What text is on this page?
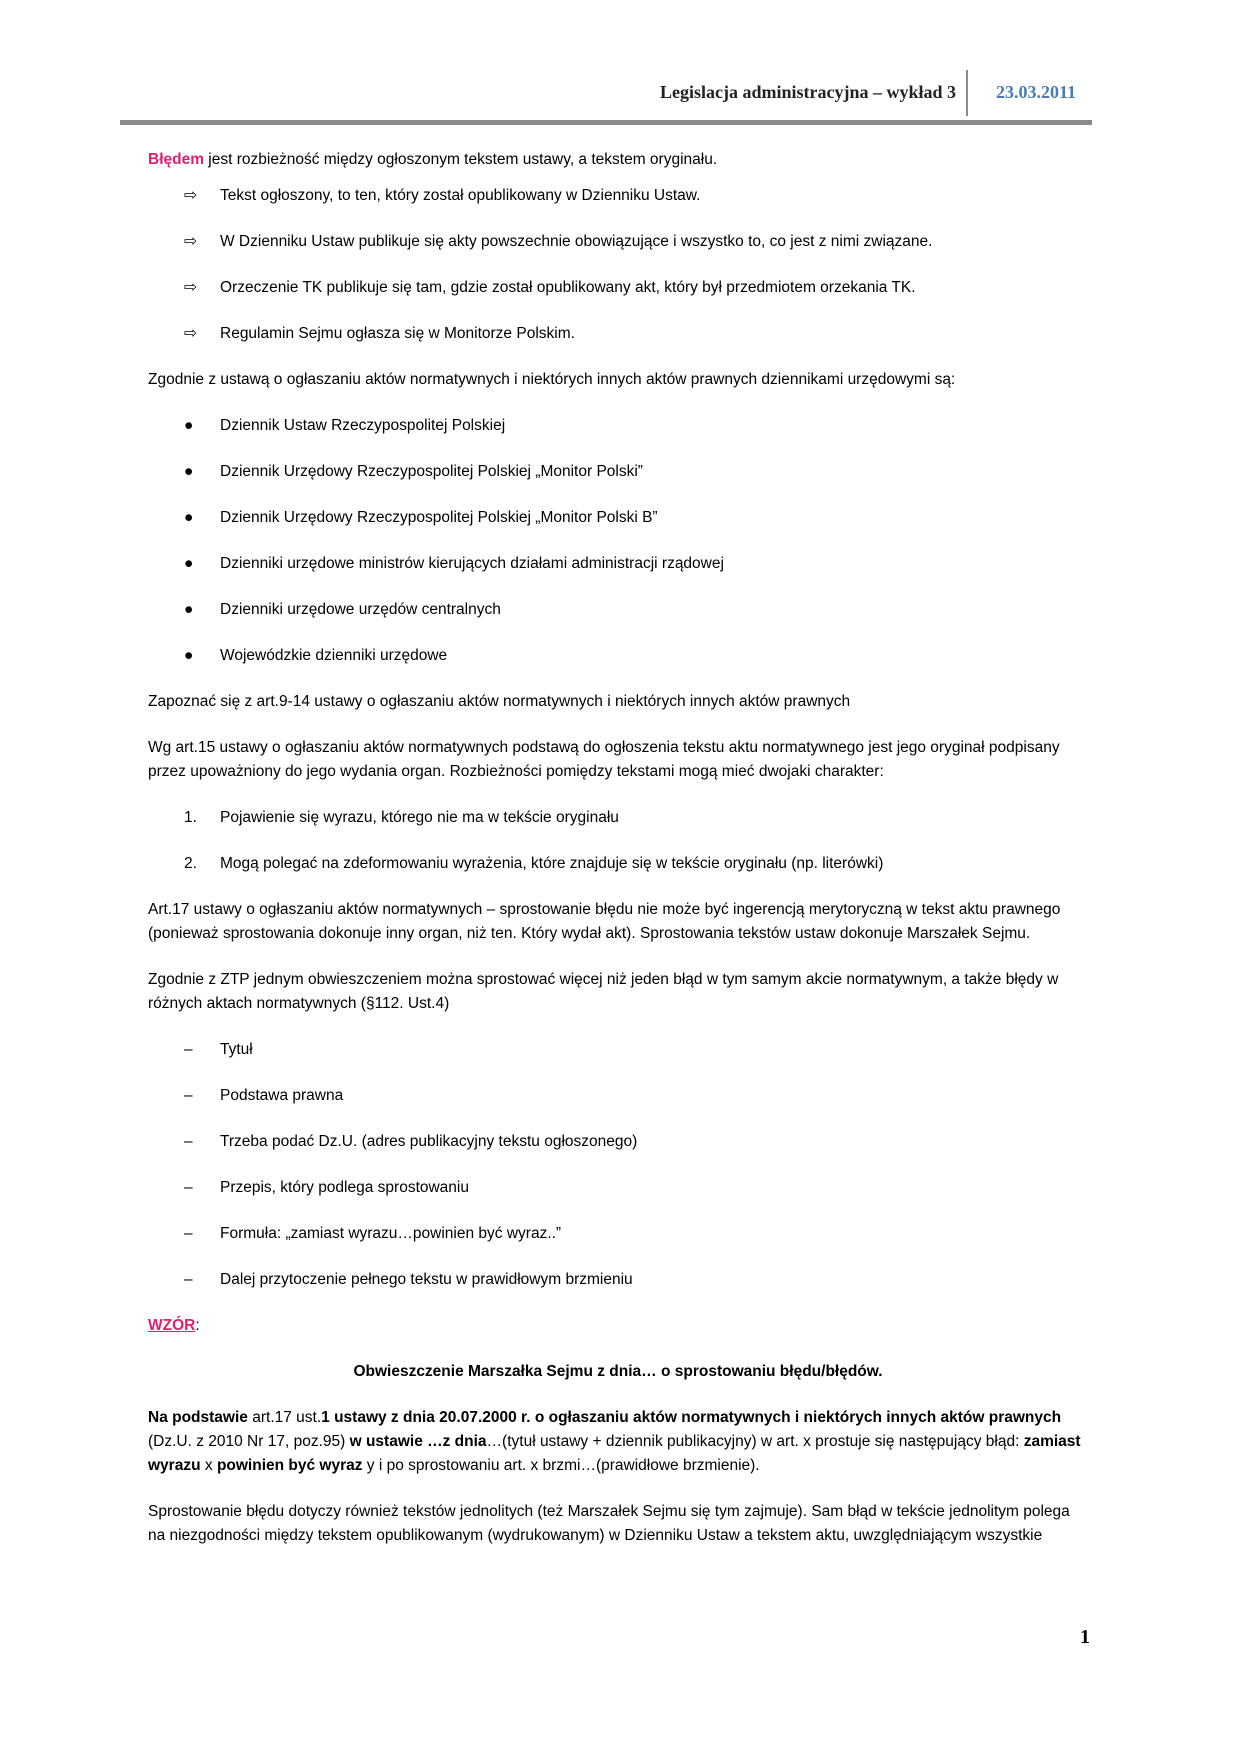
Legislacja administracyjna – wykład 3 23.03.2011

Błędem jest rozbieżność między ogłoszonym tekstem ustawy, a tekstem oryginału.

⇨	Tekst ogłoszony, to ten, który został opublikowany w Dzienniku Ustaw.
⇨	W Dzienniku Ustaw publikuje się akty powszechnie obowiązujące i wszystko to, co jest z nimi związane.
⇨	Orzeczenie TK publikuje się tam, gdzie został opublikowany akt, który był przedmiotem orzekania TK.
⇨	Regulamin Sejmu ogłasza się w Monitorze Polskim.

Zgodnie z ustawą o ogłaszaniu aktów normatywnych i niektórych innych aktów prawnych dziennikami urzędowymi są:

●	Dziennik Ustaw Rzeczypospolitej Polskiej
●	Dziennik Urzędowy Rzeczypospolitej Polskiej „Monitor Polski”
●	Dziennik Urzędowy Rzeczypospolitej Polskiej „Monitor Polski B”
●	Dzienniki urzędowe ministrów kierujących działami administracji rządowej
●	Dzienniki urzędowe urzędów centralnych
●	Wojewódzkie dzienniki urzędowe

Zapoznać się z art.9-14 ustawy o ogłaszaniu aktów normatywnych i niektórych innych aktów prawnych

Wg art.15 ustawy o ogłaszaniu aktów normatywnych podstawą do ogłoszenia tekstu aktu normatywnego jest jego oryginał podpisany przez upoważniony do jego wydania organ. Rozbieżności pomiędzy tekstami mogą mieć dwojaki charakter:

1.	Pojawienie się wyrazu, którego nie ma w tekście oryginału
2.	Mogą polegać na zdeformowaniu wyrażenia, które znajduje się w tekście oryginału (np. literówki)

Art.17 ustawy o ogłaszaniu aktów normatywnych – sprostowanie błędu nie może być ingerencją merytoryczną w tekst aktu prawnego (ponieważ sprostowania dokonuje inny organ, niż ten. Który wydał akt). Sprostowania tekstów ustaw dokonuje Marszałek Sejmu.

Zgodnie z ZTP jednym obwieszczeniem można sprostować więcej niż jeden błąd w tym samym akcie normatywnym, a także błędy w różnych aktach normatywnych (§112. Ust.4)

–	Tytuł
–	Podstawa prawna
–	Trzeba podać Dz.U. (adres publikacyjny tekstu ogłoszonego)
–	Przepis, który podlega sprostowaniu
–	Formuła: „zamiast wyrazu…powinien być wyraz..”
–	Dalej przytoczenie pełnego tekstu w prawidłowym brzmieniu

WZÓR:

Obwieszczenie Marszałka Sejmu z dnia… o sprostowaniu błędu/błędów.

Na podstawie art.17 ust.1 ustawy z dnia 20.07.2000 r. o ogłaszaniu aktów normatywnych i niektórych innych aktów prawnych (Dz.U. z 2010 Nr 17, poz.95) w ustawie …z dnia…(tytuł ustawy + dziennik publikacyjny) w art. x prostuje się następujący błąd: zamiast wyrazu x powinien być wyraz y i po sprostowaniu art. x brzmi…(prawidłowe brzmienie).

Sprostowanie błędu dotyczy również tekstów jednolitych (też Marszałek Sejmu się tym zajmuje). Sam błąd w tekście jednolitym polega na niezgodności między tekstem opublikowanym (wydrukowanym) w Dzienniku Ustaw a tekstem aktu, uwzględniającym wszystkie

1
